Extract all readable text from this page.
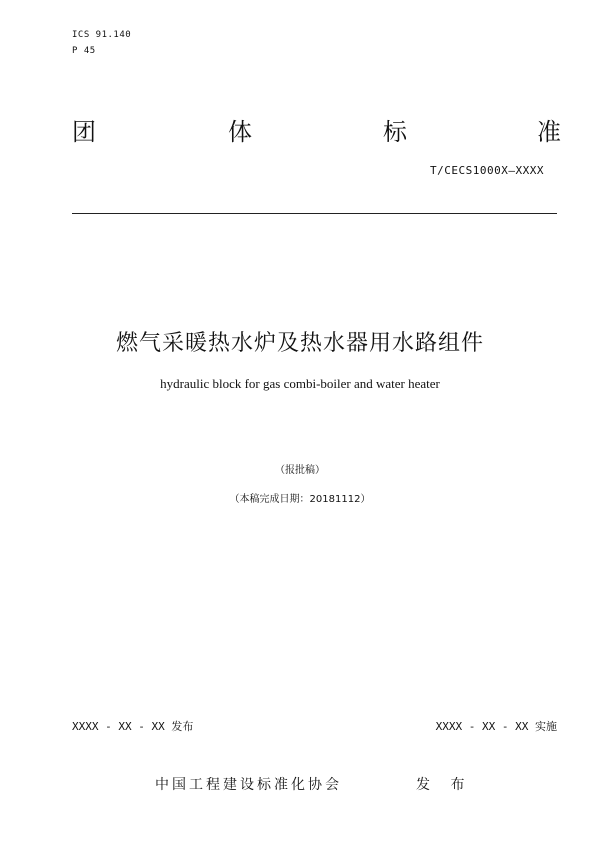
ICS 91.140
P 45
团	体	标	准
T/CECS1000X—XXXX
燃气采暖热水炉及热水器用水路组件
hydraulic block for gas combi-boiler and water heater
（报批稿）
（本稿完成日期：20181112）
XXXX - XX - XX 发布	XXXX - XX - XX 实施
中国工程建设标准化协会	发 布
